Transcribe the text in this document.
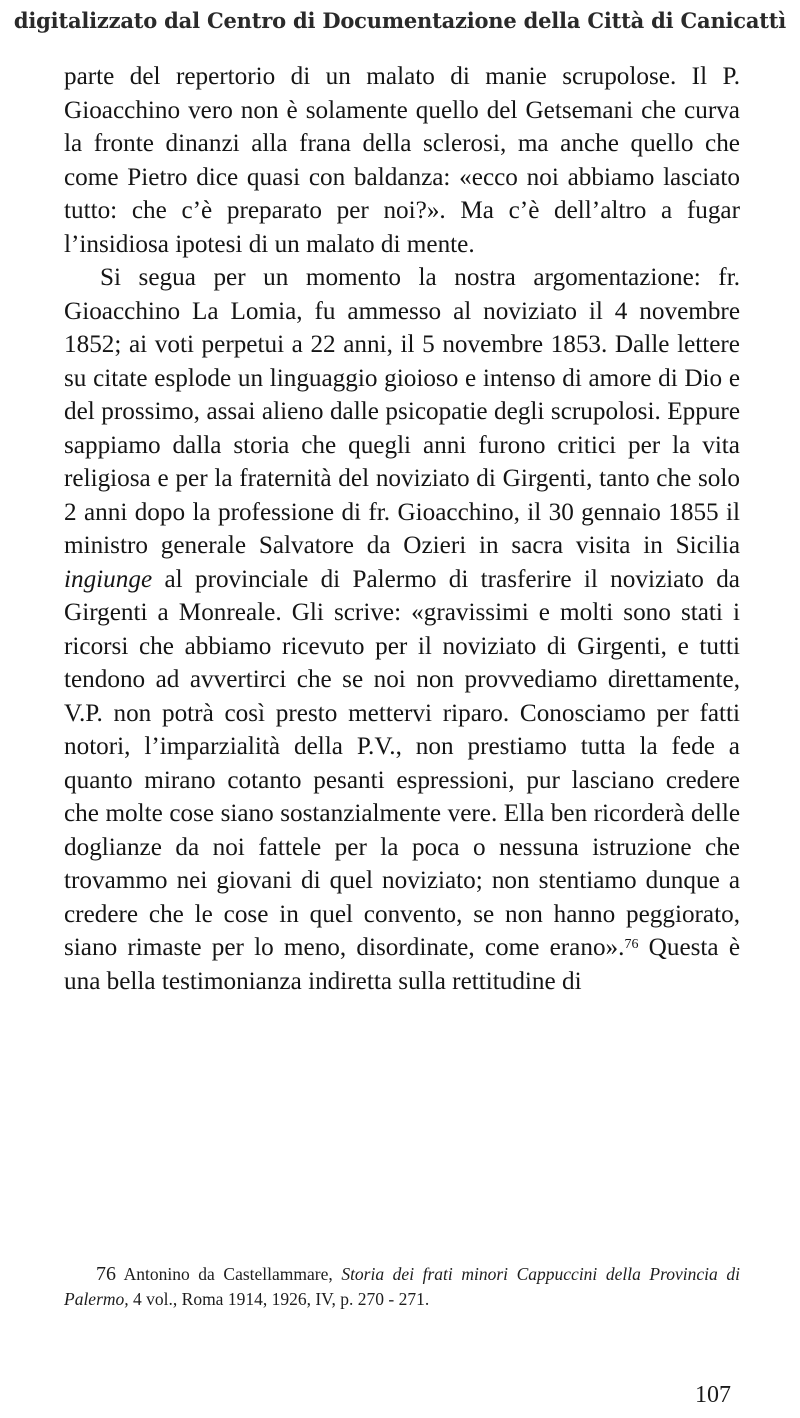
digitalizzato dal Centro di Documentazione della Città di Canicattì

parte del repertorio di un malato di manie scrupolose. Il P. Gioacchino vero non è solamente quello del Getsemani che curva la fronte dinanzi alla frana della sclerosi, ma anche quello che come Pietro dice quasi con baldanza: «ecco noi abbiamo lasciato tutto: che c’è preparato per noi?». Ma c’è dell’altro a fugar l’insidiosa ipotesi di un malato di mente.

Si segua per un momento la nostra argomentazione: fr. Gioacchino La Lomia, fu ammesso al noviziato il 4 novembre 1852; ai voti perpetui a 22 anni, il 5 novembre 1853. Dalle lettere su citate esplode un linguaggio gioioso e intenso di amore di Dio e del prossimo, assai alieno dalle psicopatie degli scrupolosi. Eppure sappiamo dalla storia che quegli anni furono critici per la vita religiosa e per la fraternità del noviziato di Girgenti, tanto che solo 2 anni dopo la professione di fr. Gioacchino, il 30 gennaio 1855 il ministro generale Salvatore da Ozieri in sacra visita in Sicilia ingiunge al provinciale di Palermo di trasferire il noviziato da Girgenti a Monreale. Gli scrive: «gravissimi e molti sono stati i ricorsi che abbiamo ricevuto per il noviziato di Girgenti, e tutti tendono ad avvertirci che se noi non provvediamo direttamente, V.P. non potrà così presto mettervi riparo. Conosciamo per fatti notori, l’imparzialità della P.V., non prestiamo tutta la fede a quanto mirano cotanto pesanti espressioni, pur lasciano credere che molte cose siano sostanzialmente vere. Ella ben ricorderà delle doglianze da noi fattele per la poca o nessuna istruzione che trovammo nei giovani di quel noviziato; non stentiamo dunque a credere che le cose in quel convento, se non hanno peggiorato, siano rimaste per lo meno, disordinate, come erano».$^{76}$ Questa è una bella testimonianza indiretta sulla rettitudine di

76 Antonino da Castellammare, Storia dei frati minori Cappuccini della Provincia di Palermo, 4 vol., Roma 1914, 1926, IV, p. 270 - 271.
107
